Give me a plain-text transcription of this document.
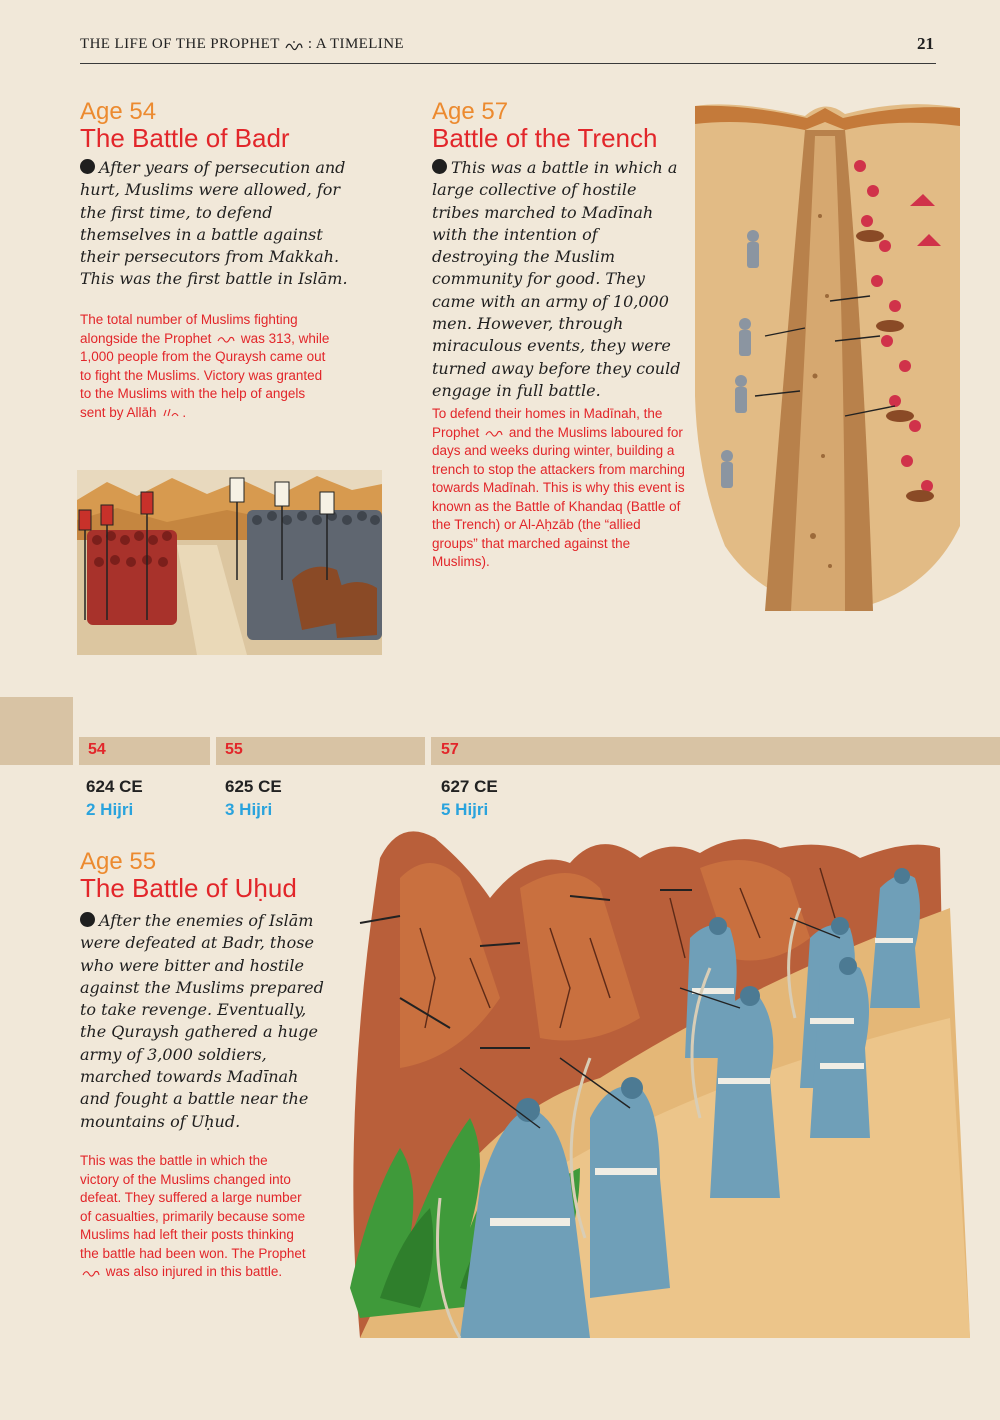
THE LIFE OF THE PROPHET : A TIMELINE	21
Age 54
The Battle of Badr
After years of persecution and hurt, Muslims were allowed, for the first time, to defend themselves in a battle against their persecutors from Makkah. This was the first battle in Islām.
The total number of Muslims fighting alongside the Prophet was 313, while 1,000 people from the Quraysh came out to fight the Muslims. Victory was granted to the Muslims with the help of angels sent by Allāh .
Age 57
Battle of the Trench
This was a battle in which a large collective of hostile tribes marched to Madīnah with the intention of destroying the Muslim community for good. They came with an army of 10,000 men. However, through miraculous events, they were turned away before they could engage in full battle.
To defend their homes in Madīnah, the Prophet and the Muslims laboured for days and weeks during winter, building a trench to stop the attackers from marching towards Madīnah. This is why this event is known as the Battle of Khandaq (Battle of the Trench) or Al-Aḥzāb (the “allied groups” that marched against the Muslims).
54	55	57
624 CE	625 CE	627 CE
2 Hijri	3 Hijri	5 Hijri
Age 55
The Battle of Uḥud
After the enemies of Islām were defeated at Badr, those who were bitter and hostile against the Muslims prepared to take revenge. Eventually, the Quraysh gathered a huge army of 3,000 soldiers, marched towards Madīnah and fought a battle near the mountains of Uḥud.
This was the battle in which the victory of the Muslims changed into defeat. They suffered a large number of casualties, primarily because some Muslims had left their posts thinking the battle had been won. The Prophet  was also injured in this battle.
